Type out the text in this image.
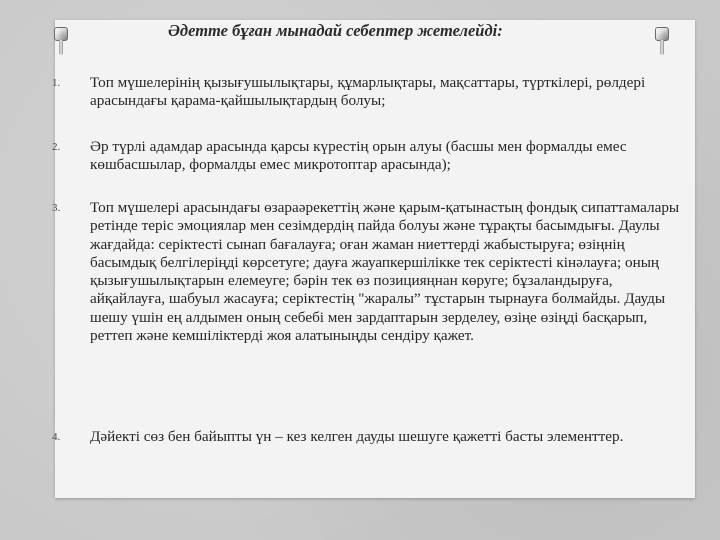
Әдетте бұған мынадай себептер жетелейді:
1.	Топ мүшелерінің қызығушылықтары, құмарлықтары, мақсаттары, түрткілері, рөлдері арасындағы қарама-қайшылықтардың болуы;

2.	Әр түрлі адамдар арасында қарсы күрестің орын алуы (басшы мен формалды емес көшбасшылар, формалды емес микротоптар арасында);

3.	Топ мүшелері арасындағы өзараәрекеттің және қарым-қатынастың фондық сипаттамалары ретінде теріс эмоциялар мен сезімдердің пайда болуы және тұрақты басымдығы. Даулы жағдайда: серіктесті сынап бағалауға; оған жаман ниеттерді жабыстыруға; өзіңнің басымдық белгілеріңді көрсетуге; дауға жауапкершілікке тек серіктесті кінәлауға; оның қызығушылықтарын елемеуге; бәрін тек өз позицияңнан көруге; бұзаландыруға, айқайлауға, шабуыл жасауға; серіктестің "жаралы” тұстарын тырнауға болмайды. Дауды шешу үшін ең алдымен оның себебі мен зардаптарын зерделеу, өзіңе өзіңді басқарып, реттеп және кемшіліктерді жоя алатыныңды сендіру қажет.

4.	Дәйекті сөз бен байыпты үн – кез келген дауды шешуге қажетті басты элементтер.
